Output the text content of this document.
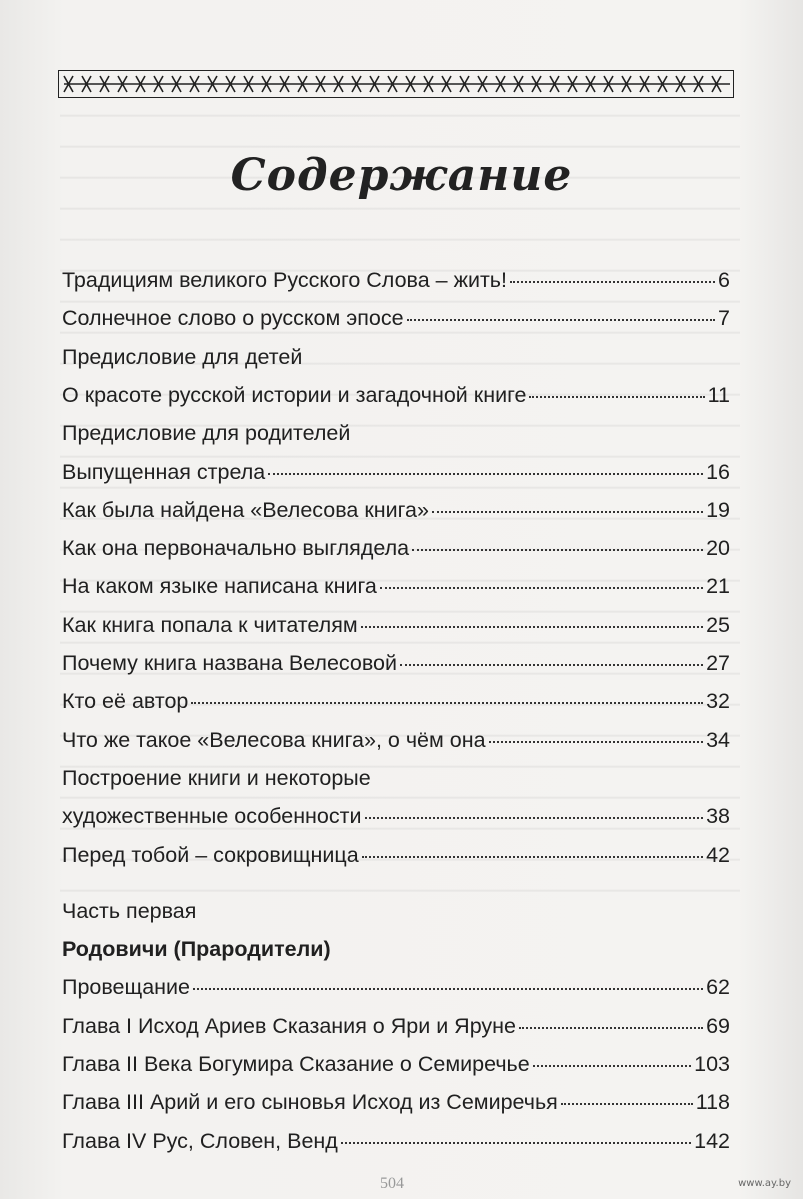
Содержание
Традициям великого Русского Слова – жить!	6
Солнечное слово о русском эпосе	7
Предисловие для детей
О красоте русской истории и загадочной книге	11
Предисловие для родителей
Выпущенная стрела	16
Как была найдена «Велесова книга»	19
Как она первоначально выглядела	20
На каком языке написана книга	21
Как книга попала к читателям	25
Почему книга названа Велесовой	27
Кто её автор	32
Что же такое «Велесова книга», о чём она	34
Построение книги и некоторые
художественные особенности	38
Перед тобой – сокровищница	42
Часть первая
Родовичи (Прародители)
Провещание	62
Глава I Исход Ариев Сказания о Яри и Яруне	69
Глава II Века Богумира Сказание о Семиречье	103
Глава III Арий и его сыновья Исход из Семиречья	118
Глава IV Рус, Словен, Венд	142
504	www.ay.by
